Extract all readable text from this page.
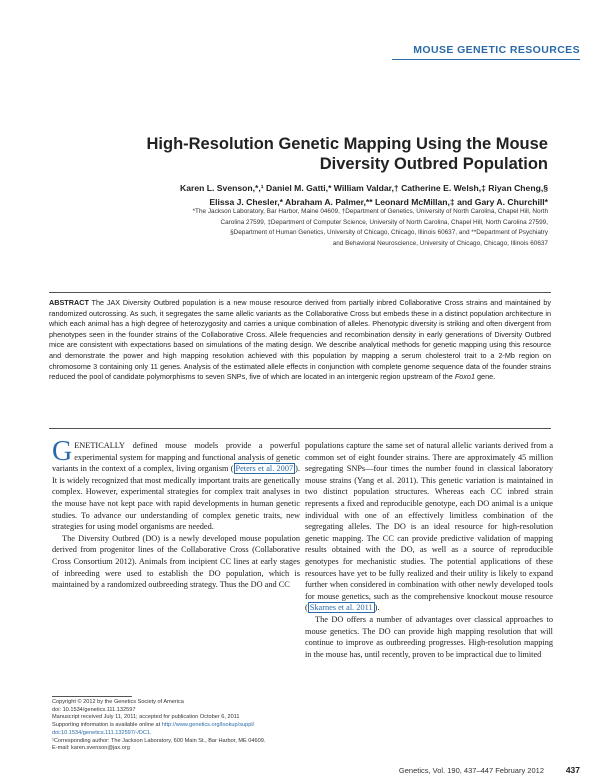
MOUSE GENETIC RESOURCES
High-Resolution Genetic Mapping Using the Mouse Diversity Outbred Population
Karen L. Svenson,*,¹ Daniel M. Gatti,* William Valdar,† Catherine E. Welsh,‡ Riyan Cheng,§
Elissa J. Chesler,* Abraham A. Palmer,** Leonard McMillan,‡ and Gary A. Churchill*
*The Jackson Laboratory, Bar Harbor, Maine 04609, †Department of Genetics, University of North Carolina, Chapel Hill, North
Carolina 27599, ‡Department of Computer Science, University of North Carolina, Chapel Hill, North Carolina 27599,
§Department of Human Genetics, University of Chicago, Chicago, Illinois 60637, and **Department of Psychiatry
and Behavioral Neuroscience, University of Chicago, Chicago, Illinois 60637
ABSTRACT The JAX Diversity Outbred population is a new mouse resource derived from partially inbred Collaborative Cross strains and maintained by randomized outcrossing. As such, it segregates the same allelic variants as the Collaborative Cross but embeds these in a distinct population architecture in which each animal has a high degree of heterozygosity and carries a unique combination of alleles. Phenotypic diversity is striking and often divergent from phenotypes seen in the founder strains of the Collaborative Cross. Allele frequencies and recombination density in early generations of Diversity Outbred mice are consistent with expectations based on simulations of the mating design. We describe analytical methods for genetic mapping using this resource and demonstrate the power and high mapping resolution achieved with this population by mapping a serum cholesterol trait to a 2-Mb region on chromosome 3 containing only 11 genes. Analysis of the estimated allele effects in conjunction with complete genome sequence data of the founder strains reduced the pool of candidate polymorphisms to seven SNPs, five of which are located in an intergenic region upstream of the Foxo1 gene.

GENETICALLY defined mouse models provide a powerful experimental system for mapping and functional analysis of genetic variants in the context of a complex, living organism ( Peters et al. 2007 ). It is widely recognized that most medically important traits are genetically complex. However, experimental strategies for complex trait analyses in the mouse have not kept pace with rapid developments in human genetic studies. To advance our understanding of complex genetic traits, new strategies for using model organisms are needed.

The Diversity Outbred (DO) is a newly developed mouse population derived from progenitor lines of the Collaborative Cross (Collaborative Cross Consortium 2012). Animals from incipient CC lines at early stages of inbreeding were used to establish the DO population, which is maintained by a randomized outbreeding strategy. Thus the DO and CC

populations capture the same set of natural allelic variants derived from a common set of eight founder strains. There are approximately 45 million segregating SNPs—four times the number found in classical laboratory mouse strains (Yang et al. 2011). This genetic variation is maintained in two distinct population structures. Whereas each CC inbred strain represents a fixed and reproducible genotype, each DO animal is a unique individual with one of an effectively limitless combination of the segregating alleles. The DO is an ideal resource for high-resolution genetic mapping. The CC can provide predictive validation of mapping results obtained with the DO, as well as a source of reproducible genotypes for mechanistic studies. The potential applications of these resources have yet to be fully realized and their utility is likely to expand further when considered in combination with other newly developed tools for mouse genetics, such as the comprehensive knockout mouse resource ( Skarnes et al. 2011 ).

The DO offers a number of advantages over classical approaches to mouse genetics. The DO can provide high mapping resolution that will continue to improve as outbreeding progresses. High-resolution mapping in the mouse has, until recently, proven to be impractical due to limited

Copyright © 2012 by the Genetics Society of America
doi: 10.1534/genetics.111.132597
Manuscript received July 11, 2011; accepted for publication October 6, 2011
Supporting information is available online at http://www.genetics.org/lookup/suppl/
doi:10.1534/genetics.111.132597/-/DC1.
¹Corresponding author: The Jackson Laboratory, 600 Main St., Bar Harbor, ME 04609.
E-mail: karen.svenson@jax.org
Genetics, Vol. 190, 437–447 February 2012	437
